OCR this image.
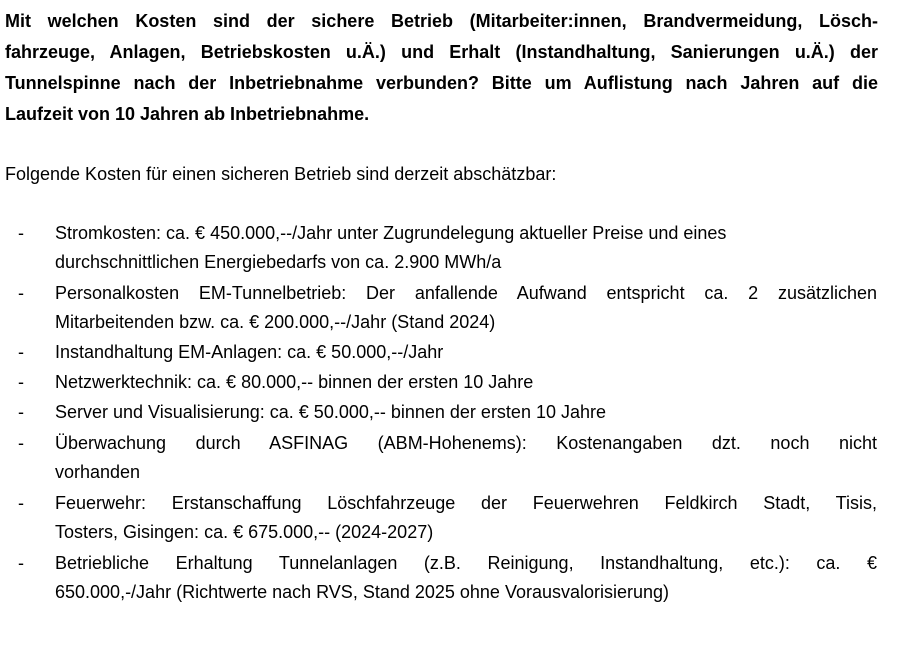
Mit welchen Kosten sind der sichere Betrieb (Mitarbeiter:innen, Brandvermeidung, Lösch-
fahrzeuge, Anlagen, Betriebskosten u.Ä.) und Erhalt (Instandhaltung, Sanierungen u.Ä.) der
Tunnelspinne nach der Inbetriebnahme verbunden? Bitte um Auflistung nach Jahren auf die
Laufzeit von 10 Jahren ab Inbetriebnahme.
Folgende Kosten für einen sicheren Betrieb sind derzeit abschätzbar:
- Stromkosten: ca. € 450.000,--/Jahr unter Zugrundelegung aktueller Preise und eines
durchschnittlichen Energiebedarfs von ca. 2.900 MWh/a
- Personalkosten EM-Tunnelbetrieb: Der anfallende Aufwand entspricht ca. 2 zusätzlichen
Mitarbeitenden bzw. ca. € 200.000,--/Jahr (Stand 2024)
- Instandhaltung EM-Anlagen: ca. € 50.000,--/Jahr
- Netzwerktechnik: ca. € 80.000,-- binnen der ersten 10 Jahre
- Server und Visualisierung: ca. € 50.000,-- binnen der ersten 10 Jahre
- Überwachung durch ASFINAG (ABM-Hohenems): Kostenangaben dzt. noch nicht
vorhanden
- Feuerwehr: Erstanschaffung Löschfahrzeuge der Feuerwehren Feldkirch Stadt, Tisis,
Tosters, Gisingen: ca. € 675.000,-- (2024-2027)
- Betriebliche Erhaltung Tunnelanlagen (z.B. Reinigung, Instandhaltung, etc.): ca. €
650.000,-/Jahr (Richtwerte nach RVS, Stand 2025 ohne Vorausvalorisierung)
